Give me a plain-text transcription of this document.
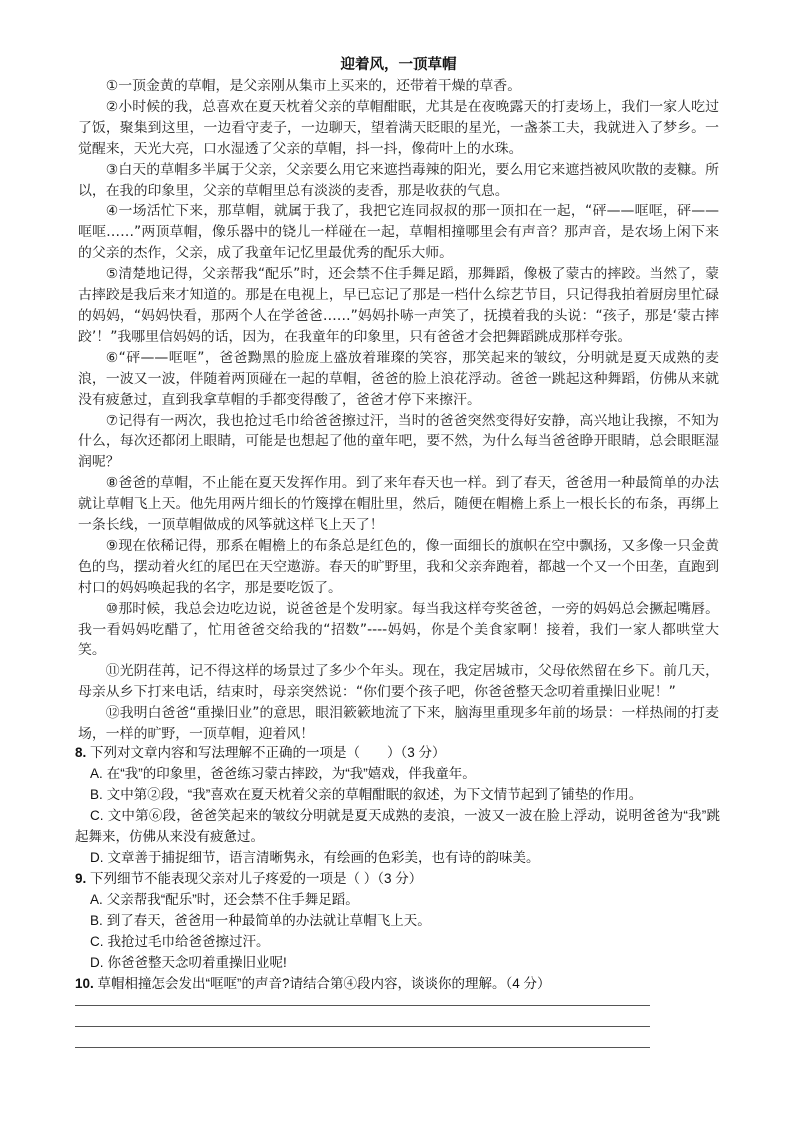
迎着风，一顶草帽

①一顶金黄的草帽，是父亲刚从集市上买来的，还带着干燥的草香。

②小时候的我，总喜欢在夏天枕着父亲的草帽酣眠，尤其是在夜晚露天的打麦场上，我们一家人吃过了饭，聚集到这里，一边看守麦子，一边聊天，望着满天眨眼的星光，一盏茶工夫，我就进入了梦乡。一觉醒来，天光大亮，口水湿透了父亲的草帽，抖一抖，像荷叶上的水珠。

③白天的草帽多半属于父亲，父亲要么用它来遮挡毒辣的阳光，要么用它来遮挡被风吹散的麦糠。所以，在我的印象里，父亲的草帽里总有淡淡的麦香，那是收获的气息。

④一场活忙下来，那草帽，就属于我了，我把它连同叔叔的那一顶扣在一起，“砰——哐哐，砰——哐哐……”两顶草帽，像乐器中的铙儿一样碰在一起，草帽相撞哪里会有声音？那声音，是农场上闲下来的父亲的杰作，父亲，成了我童年记忆里最优秀的配乐大师。

⑤清楚地记得，父亲帮我“配乐”时，还会禁不住手舞足蹈，那舞蹈，像极了蒙古的摔跤。当然了，蒙古摔跤是我后来才知道的。那是在电视上，早已忘记了那是一档什么综艺节目，只记得我拍着厨房里忙碌的妈妈，“妈妈快看，那两个人在学爸爸……”妈妈扑哧一声笑了，抚摸着我的头说：“孩子，那是‘蒙古摔跤’！”我哪里信妈妈的话，因为，在我童年的印象里，只有爸爸才会把舞蹈跳成那样夸张。

⑥“砰——哐哐”，爸爸黝黑的脸庞上盛放着璀璨的笑容，那笑起来的皱纹，分明就是夏天成熟的麦浪，一波又一波，伴随着两顶碰在一起的草帽，爸爸的脸上浪花浮动。爸爸一跳起这种舞蹈，仿佛从来就没有疲惫过，直到我拿草帽的手都变得酸了，爸爸才停下来擦汗。

⑦记得有一两次，我也抢过毛巾给爸爸擦过汗，当时的爸爸突然变得好安静，高兴地让我擦，不知为什么，每次还都闭上眼睛，可能是也想起了他的童年吧，要不然，为什么每当爸爸睁开眼睛，总会眼眶湿润呢？

⑧爸爸的草帽，不止能在夏天发挥作用。到了来年春天也一样。到了春天，爸爸用一种最简单的办法就让草帽飞上天。他先用两片细长的竹篾撑在帽肚里，然后，随便在帽檐上系上一根长长的布条，再绑上一条长线，一顶草帽做成的风筝就这样飞上天了！

⑨现在依稀记得，那系在帽檐上的布条总是红色的，像一面细长的旗帜在空中飘扬，又多像一只金黄色的鸟，摆动着火红的尾巴在天空遨游。春天的旷野里，我和父亲奔跑着，都越一个又一个田垄，直跑到村口的妈妈唤起我的名字，那是要吃饭了。

⑩那时候，我总会边吃边说，说爸爸是个发明家。每当我这样夸奖爸爸，一旁的妈妈总会撅起嘴唇。我一看妈妈吃醋了，忙用爸爸交给我的“招数”----妈妈，你是个美食家啊！接着，我们一家人都哄堂大笑。

⑪光阴荏苒，记不得这样的场景过了多少个年头。现在，我定居城市，父母依然留在乡下。前几天，母亲从乡下打来电话，结束时，母亲突然说：“你们要个孩子吧，你爸爸整天念叨着重操旧业呢！”

⑫我明白爸爸“重操旧业”的意思，眼泪簌簌地流了下来，脑海里重现多年前的场景：一样热闹的打麦场，一样的旷野，一顶草帽，迎着风！

8. 下列对文章内容和写法理解不正确的一项是（　　）（3 分）

A. 在“我”的印象里，爸爸练习蒙古摔跤，为“我”嬉戏，伴我童年。

B. 文中第②段，“我”喜欢在夏天枕着父亲的草帽酣眠的叙述，为下文情节起到了铺垫的作用。

C. 文中第⑥段，爸爸笑起来的皱纹分明就是夏天成熟的麦浪，一波又一波在脸上浮动，说明爸爸为“我”跳起舞来，仿佛从来没有疲惫过。

D. 文章善于捕捉细节，语言清晰隽永，有绘画的色彩美，也有诗的韵味美。

9. 下列细节不能表现父亲对儿子疼爱的一项是（ ）（3 分）

A. 父亲帮我“配乐”时，还会禁不住手舞足蹈。

B. 到了春天，爸爸用一种最简单的办法就让草帽飞上天。

C. 我抢过毛巾给爸爸擦过汗。

D. 你爸爸整天念叨着重操旧业呢!

10. 草帽相撞怎会发出“哐哐”的声音?请结合第④段内容，谈谈你的理解。（4 分）
